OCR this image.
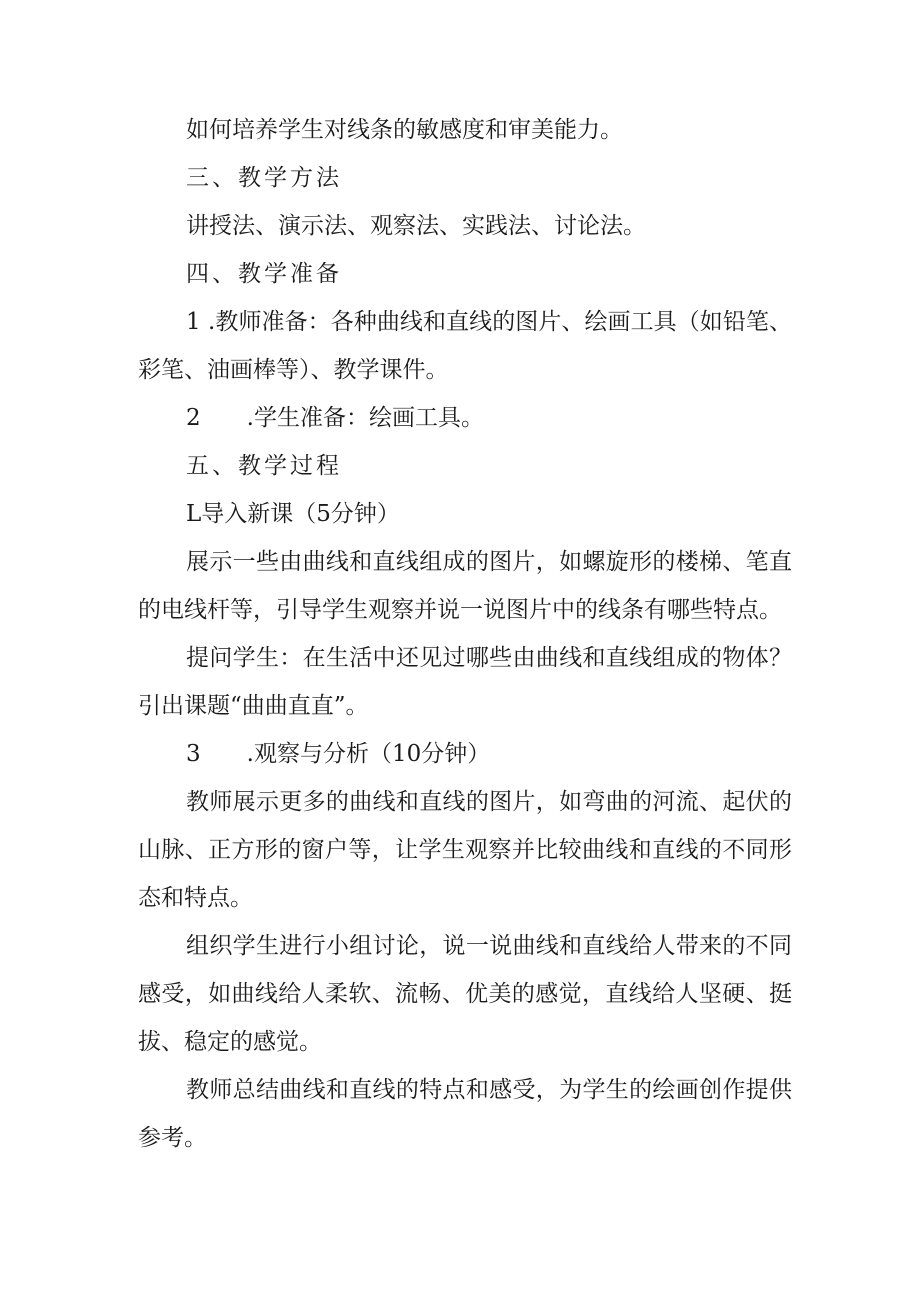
如何培养学生对线条的敏感度和审美能力。

三、教学方法

讲授法、演示法、观察法、实践法、讨论法。

四、教学准备

1 .教师准备：各种曲线和直线的图片、绘画工具（如铅笔、彩笔、油画棒等）、教学课件。

2  .学生准备：绘画工具。

五、教学过程

L导入新课（5分钟）

展示一些由曲线和直线组成的图片，如螺旋形的楼梯、笔直的电线杆等，引导学生观察并说一说图片中的线条有哪些特点。

提问学生：在生活中还见过哪些由曲线和直线组成的物体？引出课题“曲曲直直”。

3  .观察与分析（10分钟）

教师展示更多的曲线和直线的图片，如弯曲的河流、起伏的山脉、正方形的窗户等，让学生观察并比较曲线和直线的不同形态和特点。

组织学生进行小组讨论，说一说曲线和直线给人带来的不同感受，如曲线给人柔软、流畅、优美的感觉，直线给人坚硬、挺拔、稳定的感觉。

教师总结曲线和直线的特点和感受，为学生的绘画创作提供参考。
